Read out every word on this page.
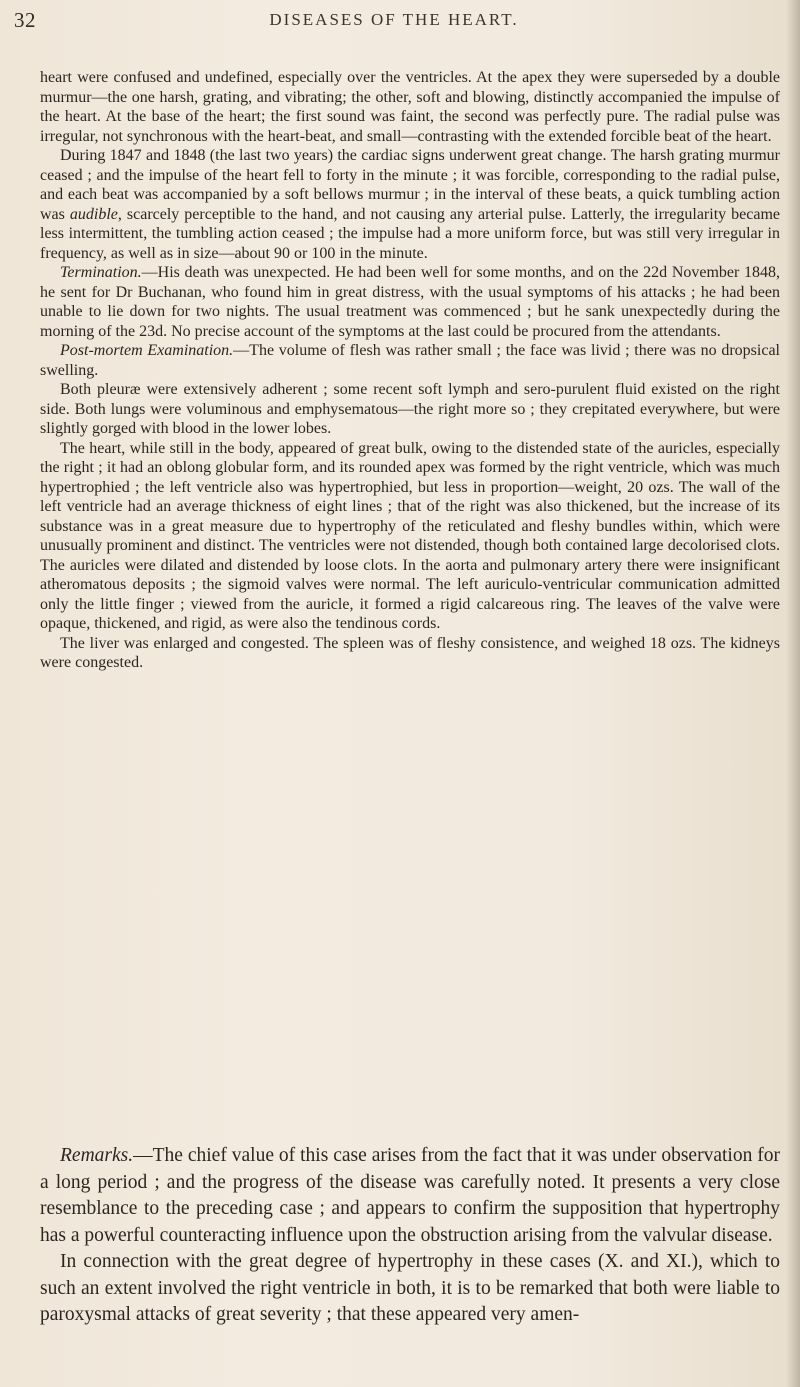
32	DISEASES OF THE HEART.

heart were confused and undefined, especially over the ventricles. At the apex they were superseded by a double murmur—the one harsh, grating, and vibrating; the other, soft and blowing, distinctly accompanied the impulse of the heart. At the base of the heart; the first sound was faint, the second was perfectly pure. The radial pulse was irregular, not synchronous with the heart-beat, and small—contrasting with the extended forcible beat of the heart.

During 1847 and 1848 (the last two years) the cardiac signs underwent great change. The harsh grating murmur ceased ; and the impulse of the heart fell to forty in the minute ; it was forcible, corresponding to the radial pulse, and each beat was accompanied by a soft bellows murmur ; in the interval of these beats, a quick tumbling action was audible, scarcely perceptible to the hand, and not causing any arterial pulse. Latterly, the irregularity became less intermittent, the tumbling action ceased ; the impulse had a more uniform force, but was still very irregular in frequency, as well as in size—about 90 or 100 in the minute.

Termination.—His death was unexpected. He had been well for some months, and on the 22d November 1848, he sent for Dr Buchanan, who found him in great distress, with the usual symptoms of his attacks ; he had been unable to lie down for two nights. The usual treatment was commenced ; but he sank unexpectedly during the morning of the 23d. No precise account of the symptoms at the last could be procured from the attendants.

Post-mortem Examination.—The volume of flesh was rather small ; the face was livid ; there was no dropsical swelling.

Both pleuræ were extensively adherent ; some recent soft lymph and sero-purulent fluid existed on the right side. Both lungs were voluminous and emphysematous—the right more so ; they crepitated everywhere, but were slightly gorged with blood in the lower lobes.

The heart, while still in the body, appeared of great bulk, owing to the distended state of the auricles, especially the right ; it had an oblong globular form, and its rounded apex was formed by the right ventricle, which was much hypertrophied ; the left ventricle also was hypertrophied, but less in proportion—weight, 20 ozs. The wall of the left ventricle had an average thickness of eight lines ; that of the right was also thickened, but the increase of its substance was in a great measure due to hypertrophy of the reticulated and fleshy bundles within, which were unusually prominent and distinct. The ventricles were not distended, though both contained large decolorised clots. The auricles were dilated and distended by loose clots. In the aorta and pulmonary artery there were insignificant atheromatous deposits ; the sigmoid valves were normal. The left auriculo-ventricular communication admitted only the little finger ; viewed from the auricle, it formed a rigid calcareous ring. The leaves of the valve were opaque, thickened, and rigid, as were also the tendinous cords.

The liver was enlarged and congested. The spleen was of fleshy consistence, and weighed 18 ozs. The kidneys were congested.

Remarks.—The chief value of this case arises from the fact that it was under observation for a long period ; and the progress of the disease was carefully noted. It presents a very close resemblance to the preceding case ; and appears to confirm the supposition that hypertrophy has a powerful counteracting influence upon the obstruction arising from the valvular disease.

In connection with the great degree of hypertrophy in these cases (X. and XI.), which to such an extent involved the right ventricle in both, it is to be remarked that both were liable to paroxysmal attacks of great severity ; that these appeared very amen-
